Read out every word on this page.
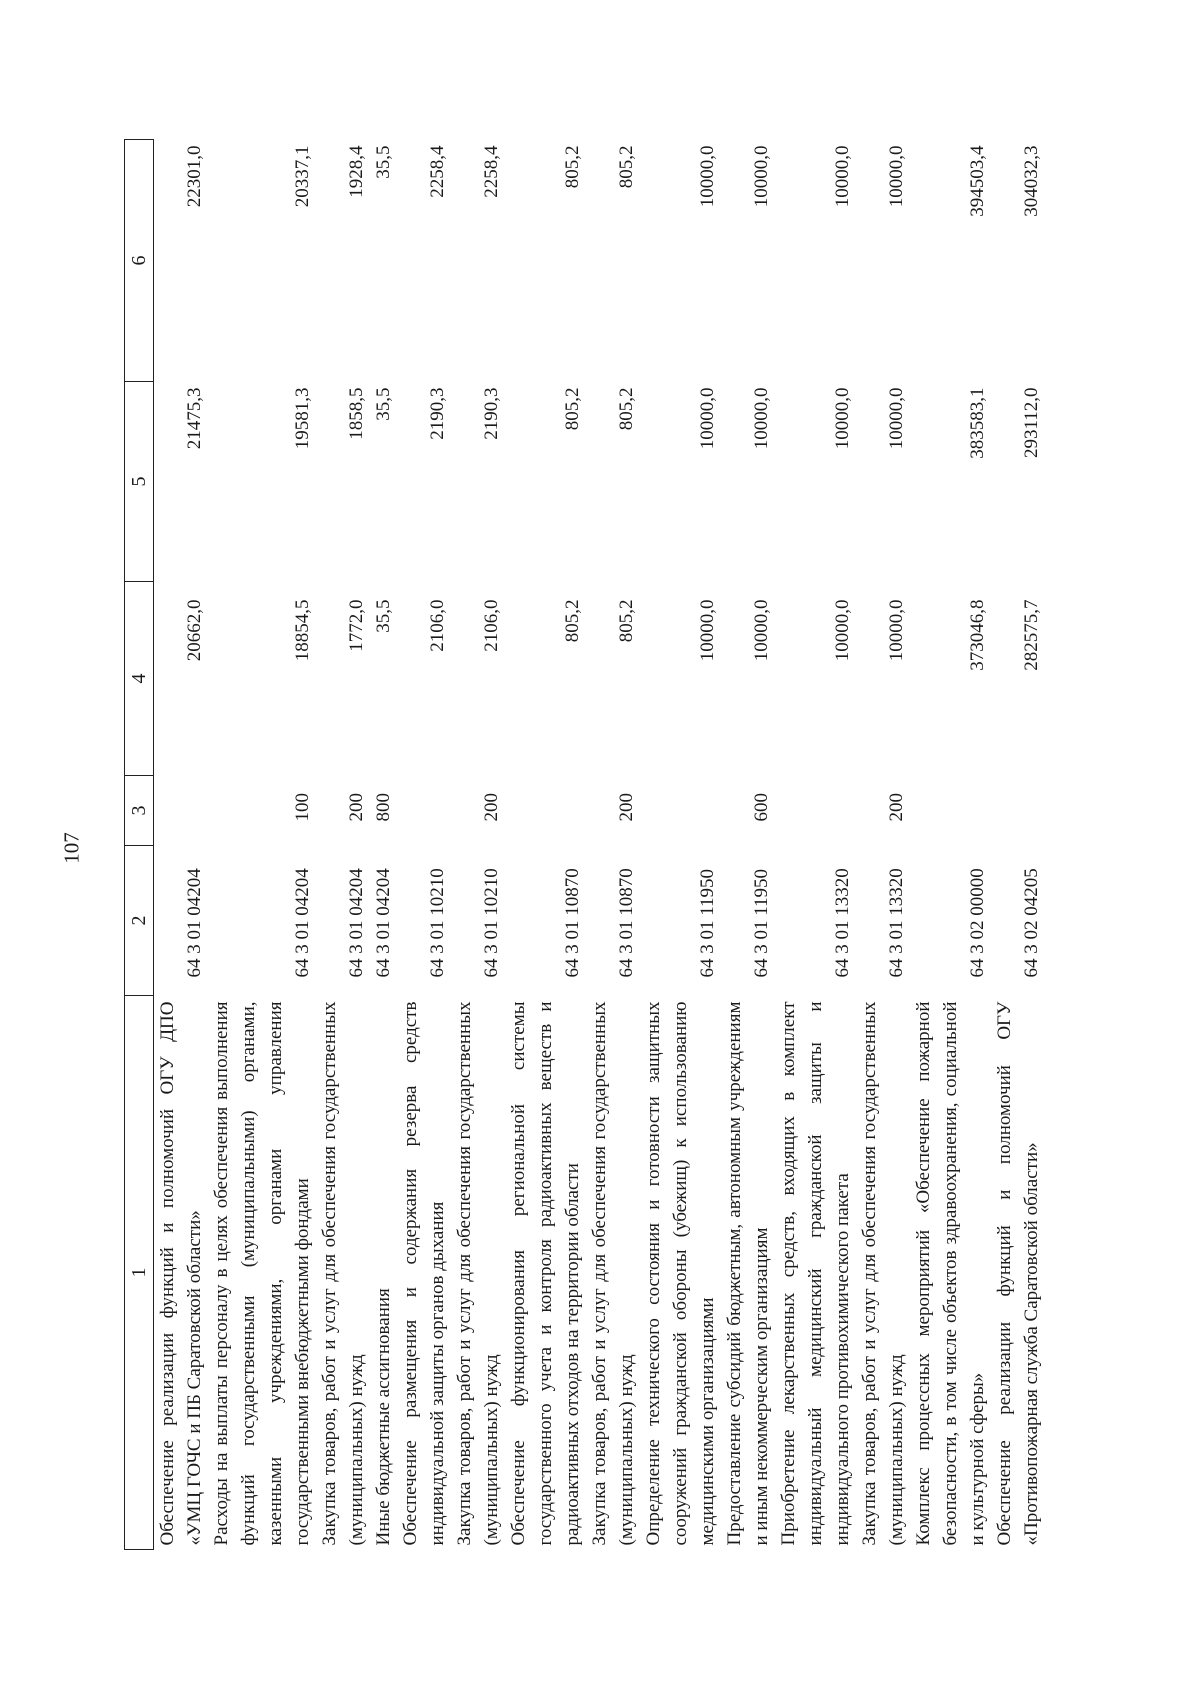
107
1	2	3	4	5	6
Обеспечение реализации функций и полномочий ОГУ ДПО «УМЦ ГОЧС и ПБ Саратовской области»	64 3 01 04204		20662,0	21475,3	22301,0
Расходы на выплаты персоналу в целях обеспечения выполнения функций государственными (муниципальными) органами, казенными учреждениями, органами управления государственными внебюджетными фондами	64 3 01 04204	100	18854,5	19581,3	20337,1
Закупка товаров, работ и услуг для обеспечения государственных (муниципальных) нужд	64 3 01 04204	200	1772,0	1858,5	1928,4
Иные бюджетные ассигнования	64 3 01 04204	800	35,5	35,5	35,5
Обеспечение размещения и содержания резерва средств индивидуальной защиты органов дыхания	64 3 01 10210		2106,0	2190,3	2258,4
Закупка товаров, работ и услуг для обеспечения государственных (муниципальных) нужд	64 3 01 10210	200	2106,0	2190,3	2258,4
Обеспечение функционирования региональной системы государственного учета и контроля радиоактивных веществ и радиоактивных отходов на территории области	64 3 01 10870		805,2	805,2	805,2
Закупка товаров, работ и услуг для обеспечения государственных (муниципальных) нужд	64 3 01 10870	200	805,2	805,2	805,2
Определение технического состояния и готовности защитных сооружений гражданской обороны (убежищ) к использованию медицинскими организациями	64 3 01 11950		10000,0	10000,0	10000,0
Предоставление субсидий бюджетным, автономным учреждениям и иным некоммерческим организациям	64 3 01 11950	600	10000,0	10000,0	10000,0
Приобретение лекарственных средств, входящих в комплект индивидуальный медицинский гражданской защиты и индивидуального противохимического пакета	64 3 01 13320		10000,0	10000,0	10000,0
Закупка товаров, работ и услуг для обеспечения государственных (муниципальных) нужд	64 3 01 13320	200	10000,0	10000,0	10000,0
Комплекс процессных мероприятий «Обеспечение пожарной безопасности, в том числе объектов здравоохранения, социальной и культурной сферы»	64 3 02 00000		373046,8	383583,1	394503,4
Обеспечение реализации функций и полномочий ОГУ «Противопожарная служба Саратовской области»	64 3 02 04205		282575,7	293112,0	304032,3
